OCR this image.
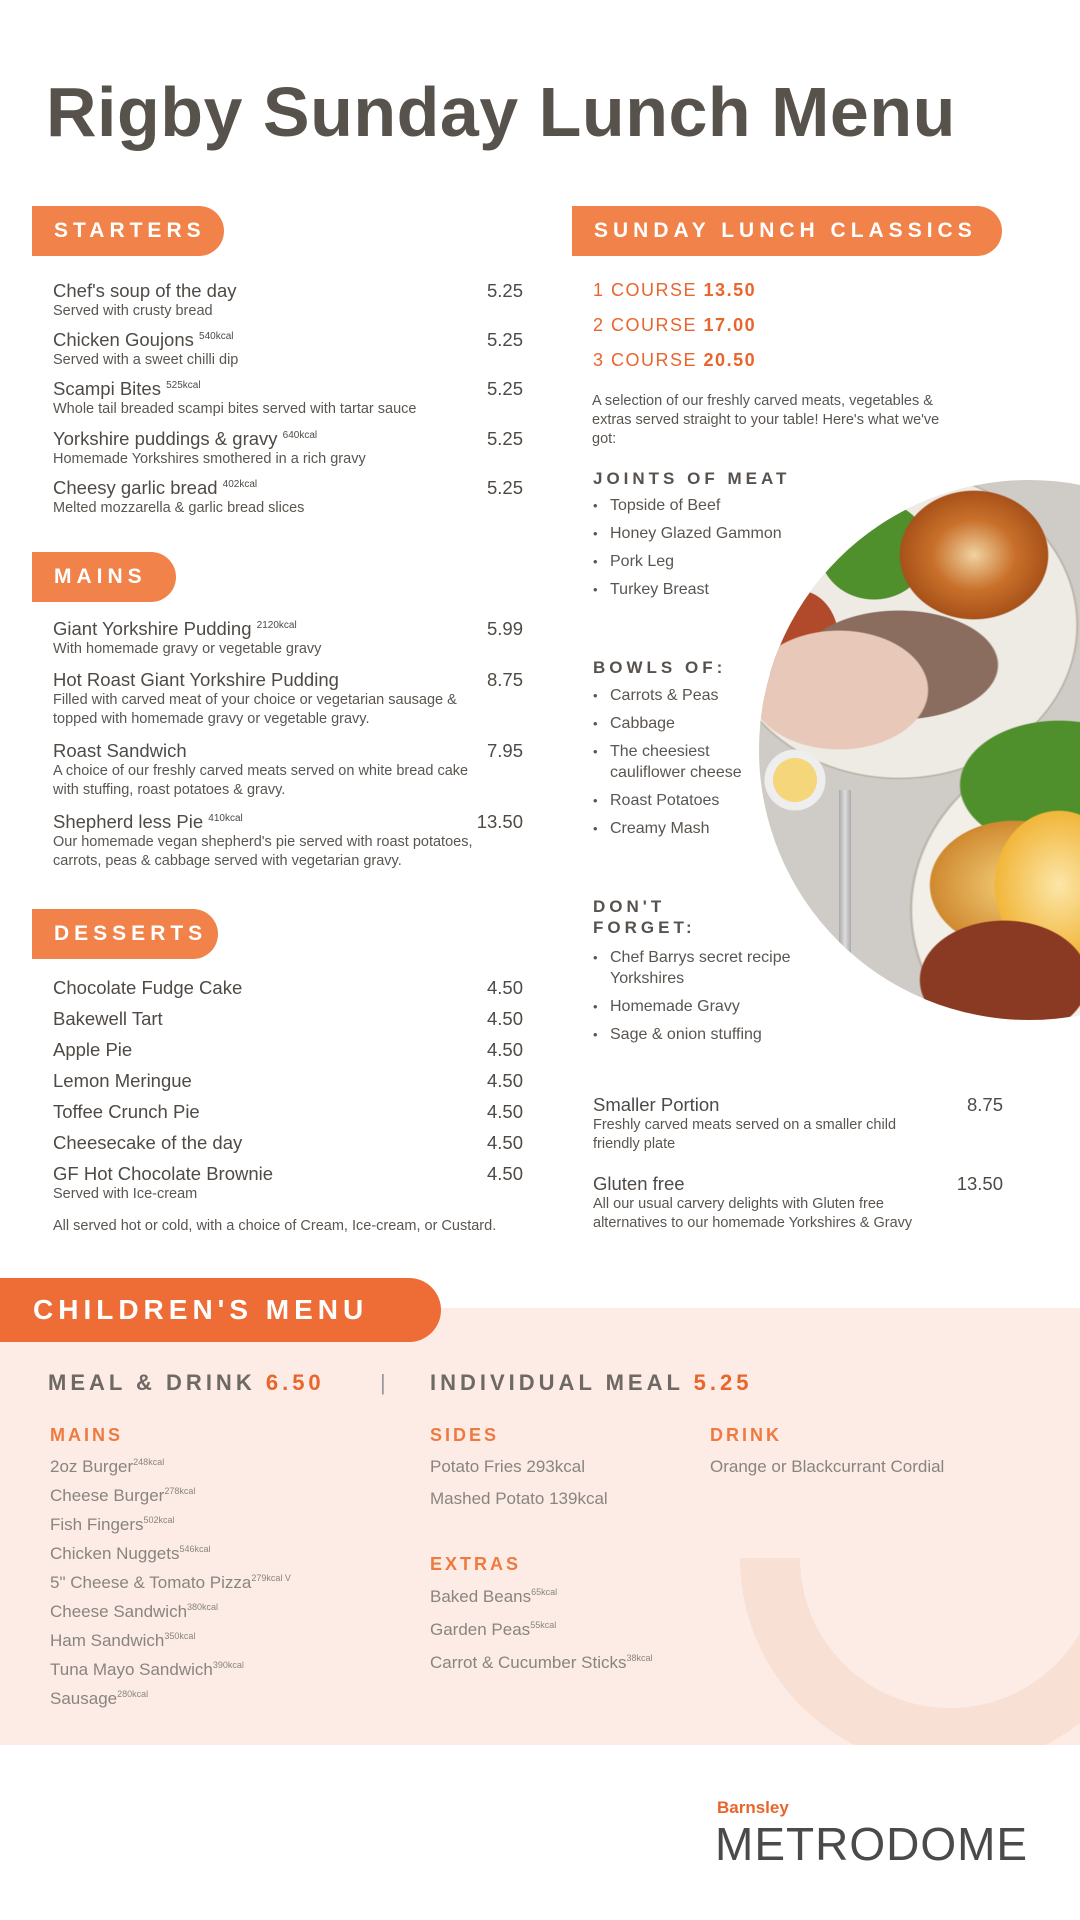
Rigby Sunday Lunch Menu
STARTERS
Chef's soup of the day	5.25
Served with crusty bread
Chicken Goujons $^{540kcal}$	5.25
Served with a sweet chilli dip
Scampi Bites $^{525kcal}$	5.25
Whole tail breaded scampi bites served with tartar sauce
Yorkshire puddings & gravy $^{640kcal}$	5.25
Homemade Yorkshires smothered in a rich gravy
Cheesy garlic bread $^{402kcal}$	5.25
Melted mozzarella & garlic bread slices
MAINS
Giant Yorkshire Pudding $^{2120kcal}$	5.99
With homemade gravy or vegetable gravy
Hot Roast Giant Yorkshire Pudding	8.75
Filled with carved meat of your choice or vegetarian sausage & topped with homemade gravy or vegetable gravy.
Roast Sandwich	7.95
A choice of our freshly carved meats served on white bread cake with stuffing, roast potatoes & gravy.
Shepherd less Pie $^{410kcal}$	13.50
Our homemade vegan shepherd's pie served with roast potatoes, carrots, peas & cabbage served with vegetarian gravy.
DESSERTS
Chocolate Fudge Cake	4.50
Bakewell Tart	4.50
Apple Pie	4.50
Lemon Meringue	4.50
Toffee Crunch Pie	4.50
Cheesecake of the day	4.50
GF Hot Chocolate Brownie	4.50
Served with Ice-cream
All served hot or cold, with a choice of Cream, Ice-cream, or Custard.
SUNDAY LUNCH CLASSICS
1 COURSE 13.50
2 COURSE 17.00
3 COURSE 20.50
A selection of our freshly carved meats, vegetables & extras served straight to your table! Here's what we've got:
JOINTS OF MEAT
• Topside of Beef
• Honey Glazed Gammon
• Pork Leg
• Turkey Breast
BOWLS OF:
• Carrots & Peas
• Cabbage
• The cheesiest cauliflower cheese
• Roast Potatoes
• Creamy Mash
DON'T FORGET:
• Chef Barrys secret recipe Yorkshires
• Homemade Gravy
• Sage & onion stuffing
Smaller Portion	8.75
Freshly carved meats served on a smaller child friendly plate
Gluten free	13.50
All our usual carvery delights with Gluten free alternatives to our homemade Yorkshires & Gravy
CHILDREN'S MENU
MEAL & DRINK 6.50	| INDIVIDUAL MEAL 5.25
MAINS
2oz Burger$^{248kcal}$
Cheese Burger$^{278kcal}$
Fish Fingers$^{502kcal}$
Chicken Nuggets$^{546kcal}$
5" Cheese & Tomato Pizza$^{279kcal V}$
Cheese Sandwich$^{380kcal}$
Ham Sandwich$^{350kcal}$
Tuna Mayo Sandwich$^{390kcal}$
Sausage$^{280kcal}$
SIDES
Potato Fries 293kcal
Mashed Potato 139kcal
DRINK
Orange or Blackcurrant Cordial
EXTRAS
Baked Beans$^{65kcal}$
Garden Peas$^{55kcal}$
Carrot & Cucumber Sticks$^{38kcal}$
Barnsley
METRODOME
